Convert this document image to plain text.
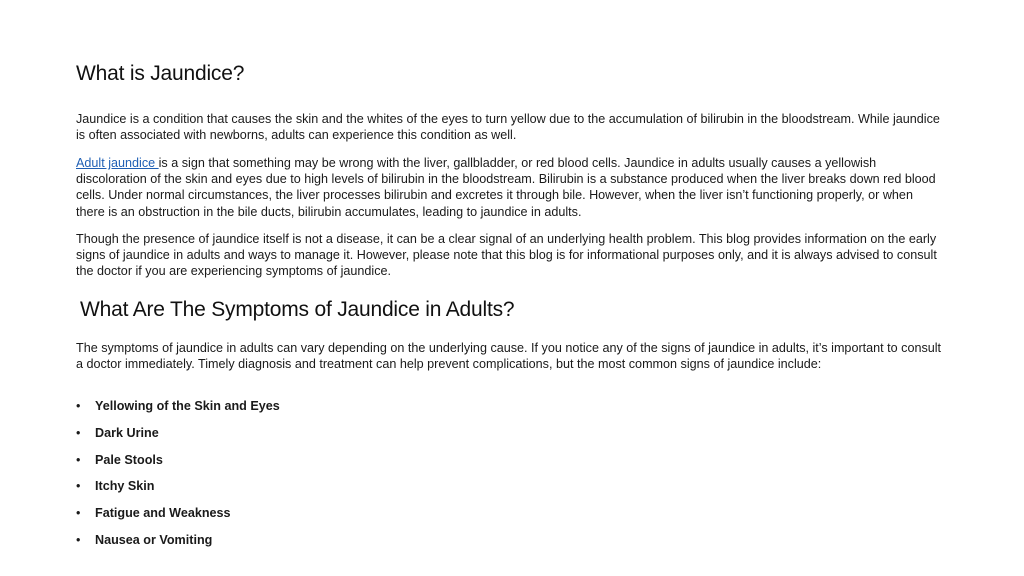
What is Jaundice?

Jaundice is a condition that causes the skin and the whites of the eyes to turn yellow due to the accumulation of bilirubin in the bloodstream. While jaundice is often associated with newborns, adults can experience this condition as well.

Adult jaundice is a sign that something may be wrong with the liver, gallbladder, or red blood cells. Jaundice in adults usually causes a yellowish discoloration of the skin and eyes due to high levels of bilirubin in the bloodstream. Bilirubin is a substance produced when the liver breaks down red blood cells. Under normal circumstances, the liver processes bilirubin and excretes it through bile. However, when the liver isn’t functioning properly, or when there is an obstruction in the bile ducts, bilirubin accumulates, leading to jaundice in adults.

Though the presence of jaundice itself is not a disease, it can be a clear signal of an underlying health problem. This blog provides information on the early signs of jaundice in adults and ways to manage it. However, please note that this blog is for informational purposes only, and it is always advised to consult the doctor if you are experiencing symptoms of jaundice.

What Are The Symptoms of Jaundice in Adults?

The symptoms of jaundice in adults can vary depending on the underlying cause. If you notice any of the signs of jaundice in adults, it’s important to consult a doctor immediately. Timely diagnosis and treatment can help prevent complications, but the most common signs of jaundice include:

• Yellowing of the Skin and Eyes
• Dark Urine
• Pale Stools
• Itchy Skin
• Fatigue and Weakness
• Nausea or Vomiting
